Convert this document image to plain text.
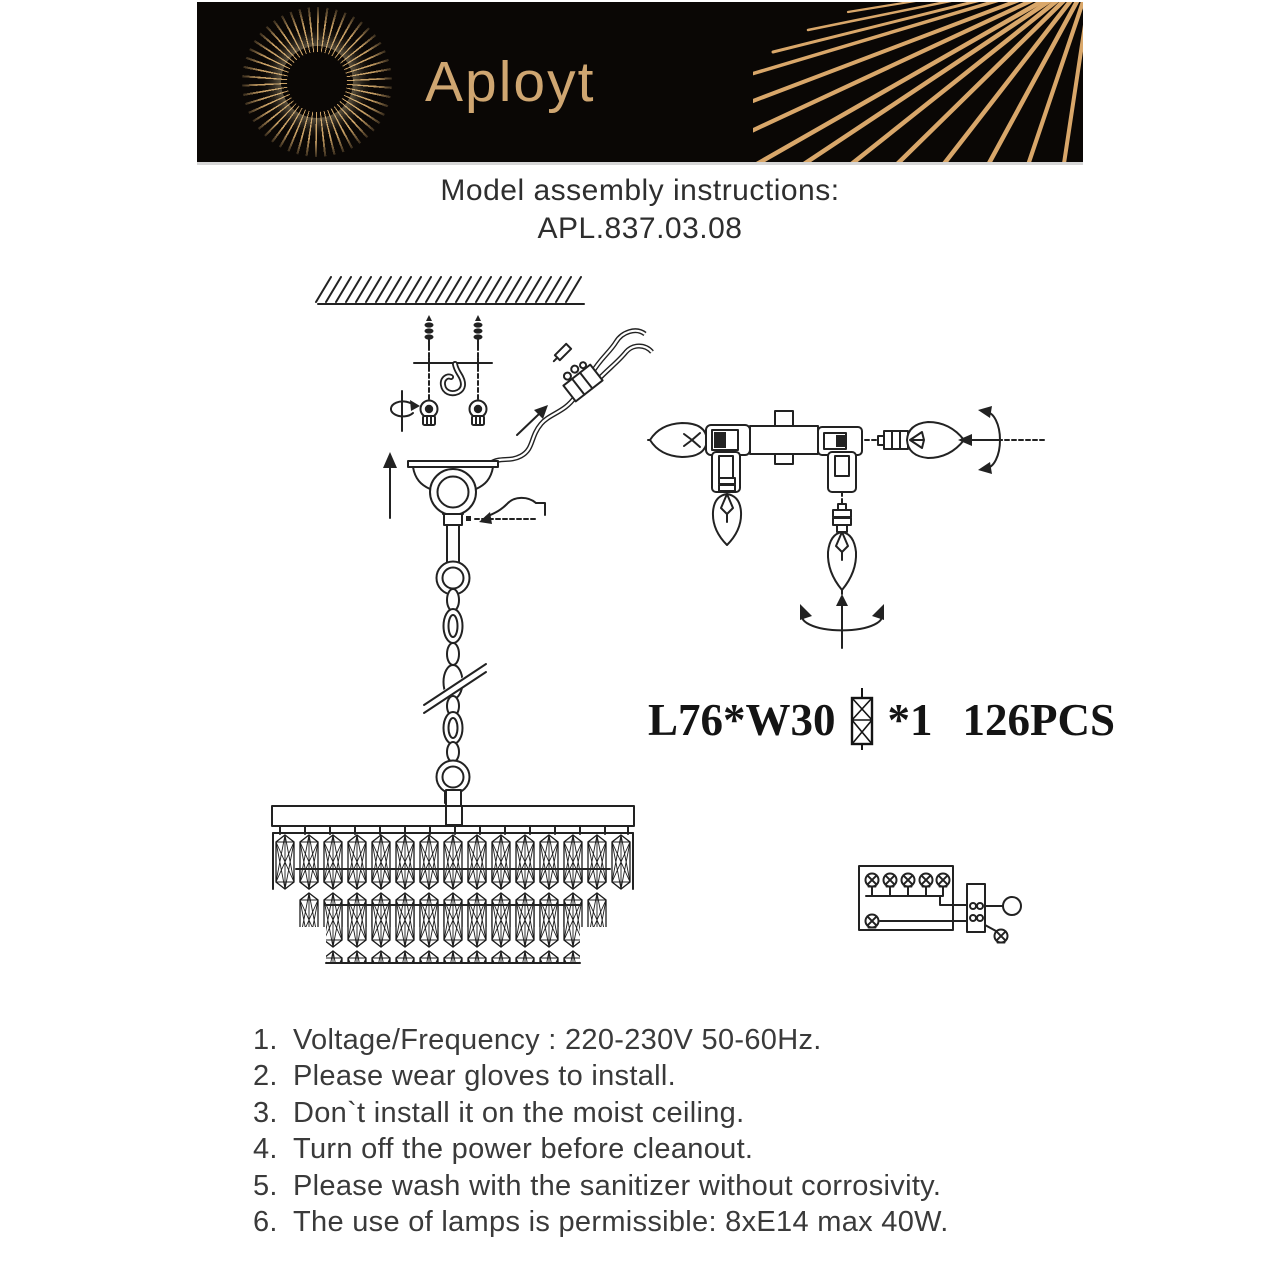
Aployt
Model assembly instructions:
APL.837.03.08
L76*W30 *1 126PCS
1. Voltage/Frequency : 220-230V 50-60Hz.
2. Please wear gloves to install.
3. Don`t install it on the moist ceiling.
4. Turn off the power before cleanout.
5. Please wash with the sanitizer without corrosivity.
6. The use of lamps is permissible: 8xE14 max 40W.
